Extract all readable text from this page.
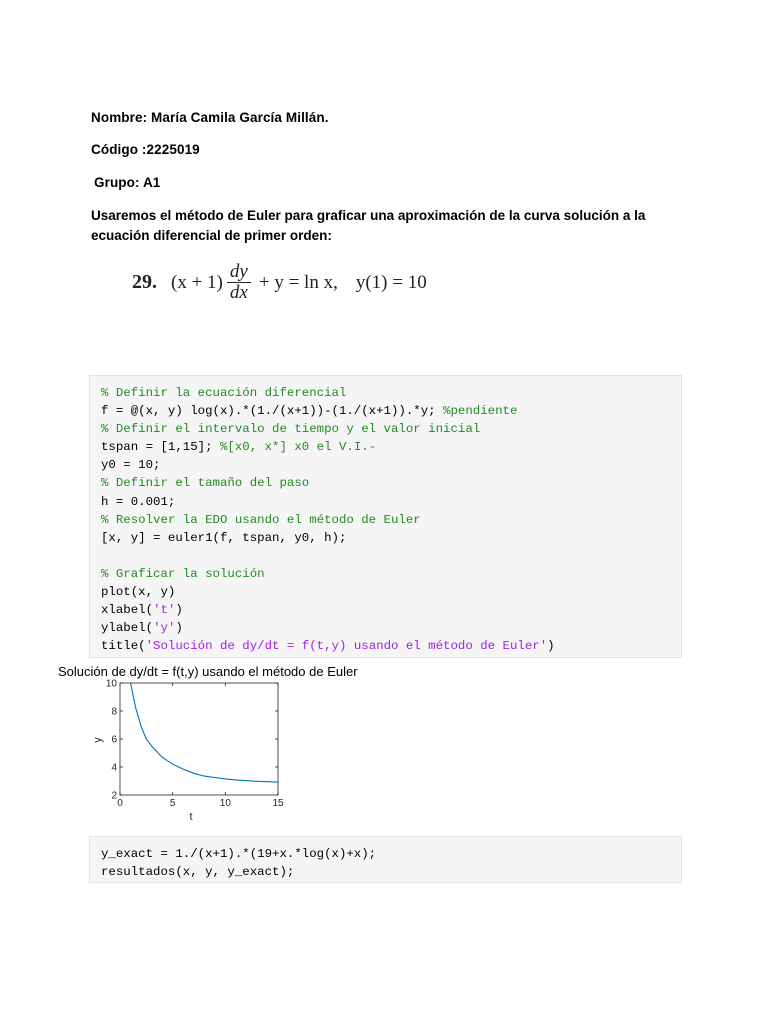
Nombre: María Camila García Millán.
Código :2225019
Grupo: A1
Usaremos el método de Euler para graficar una aproximación de la curva solución a la ecuación diferencial de primer orden:
29. $(x + 1) \frac{dy}{dx} + y = \ln x$, y(1) = 10
% Definir la ecuación diferencial
f = @(x, y) log(x).*(1./(x+1))-(1./(x+1)).*y; %pendiente
% Definir el intervalo de tiempo y el valor inicial
tspan = [1,15]; %[x0, x*] x0 el V.I.-
y0 = 10;
% Definir el tamaño del paso
h = 0.001;
% Resolver la EDO usando el método de Euler
[x, y] = euler1(f, tspan, y0, h);

% Graficar la solución
plot(x, y)
xlabel('t')
ylabel('y')
title('Solución de dy/dt = f(t,y) usando el método de Euler')
Solución de dy/dt = f(t,y) usando el método de Euler
0	5	10	15
2
4
6
8
10
t
y
y_exact = 1./(x+1).*(19+x.*log(x)+x);
resultados(x, y, y_exact);
